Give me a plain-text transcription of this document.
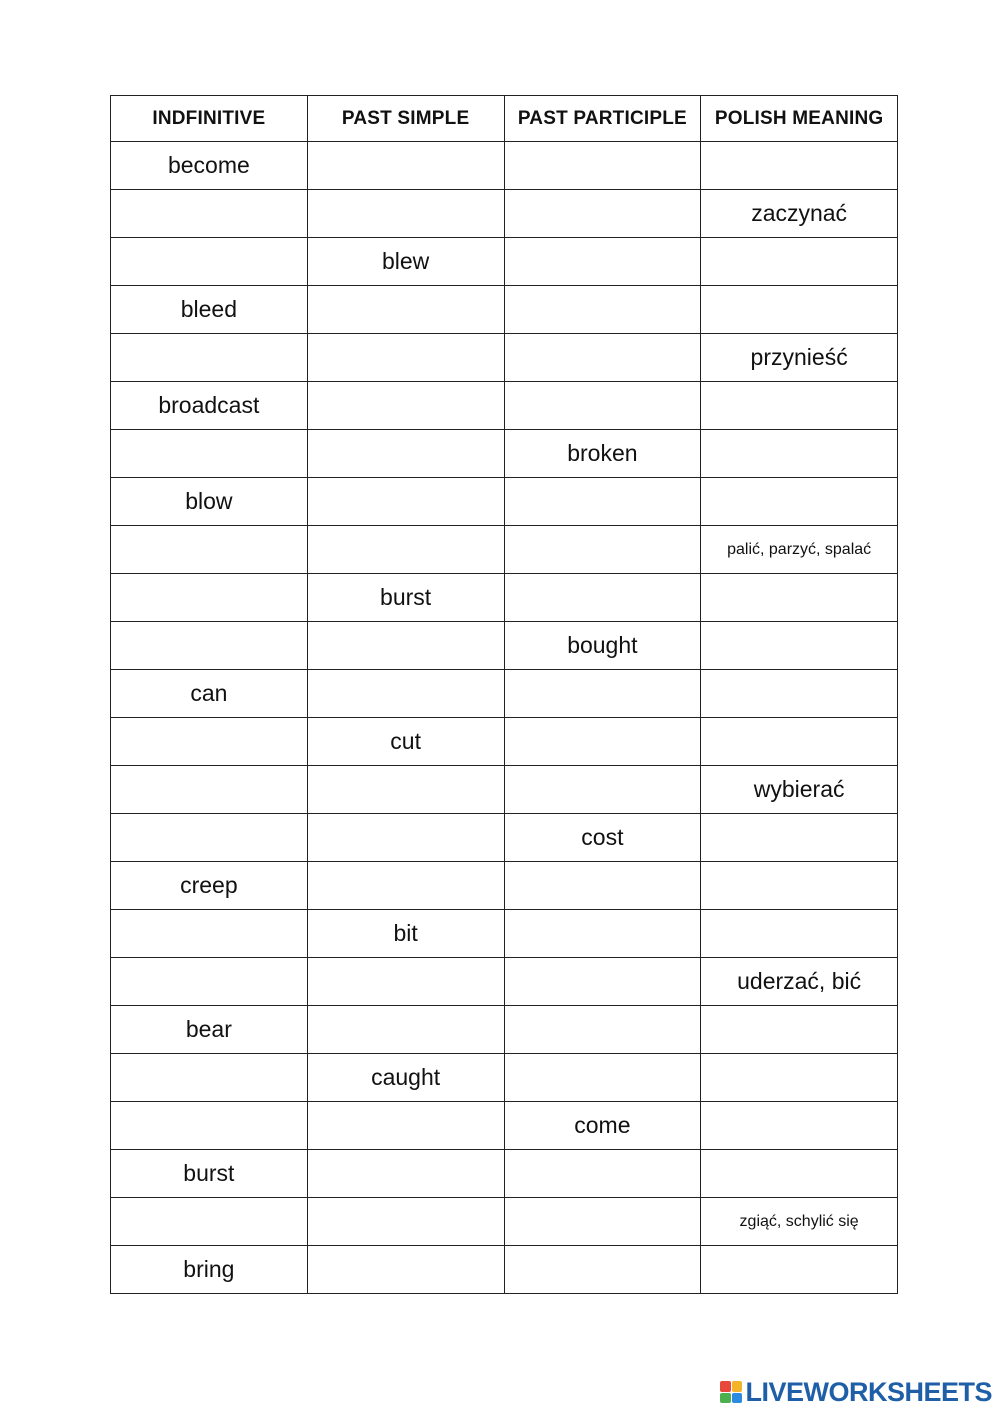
INDFINITIVE	PAST SIMPLE	PAST PARTICIPLE	POLISH MEANING
become			
			zaczynać
	blew		
bleed			
			przynieść
broadcast			
		broken	
blow			
			palić, parzyć, spalać
	burst		
		bought	
can			
	cut		
			wybierać
		cost	
creep			
	bit		
			uderzać, bić
bear			
	caught		
		come	
burst			
			zgiąć, schylić się
bring			
LIVEWORKSHEETS
